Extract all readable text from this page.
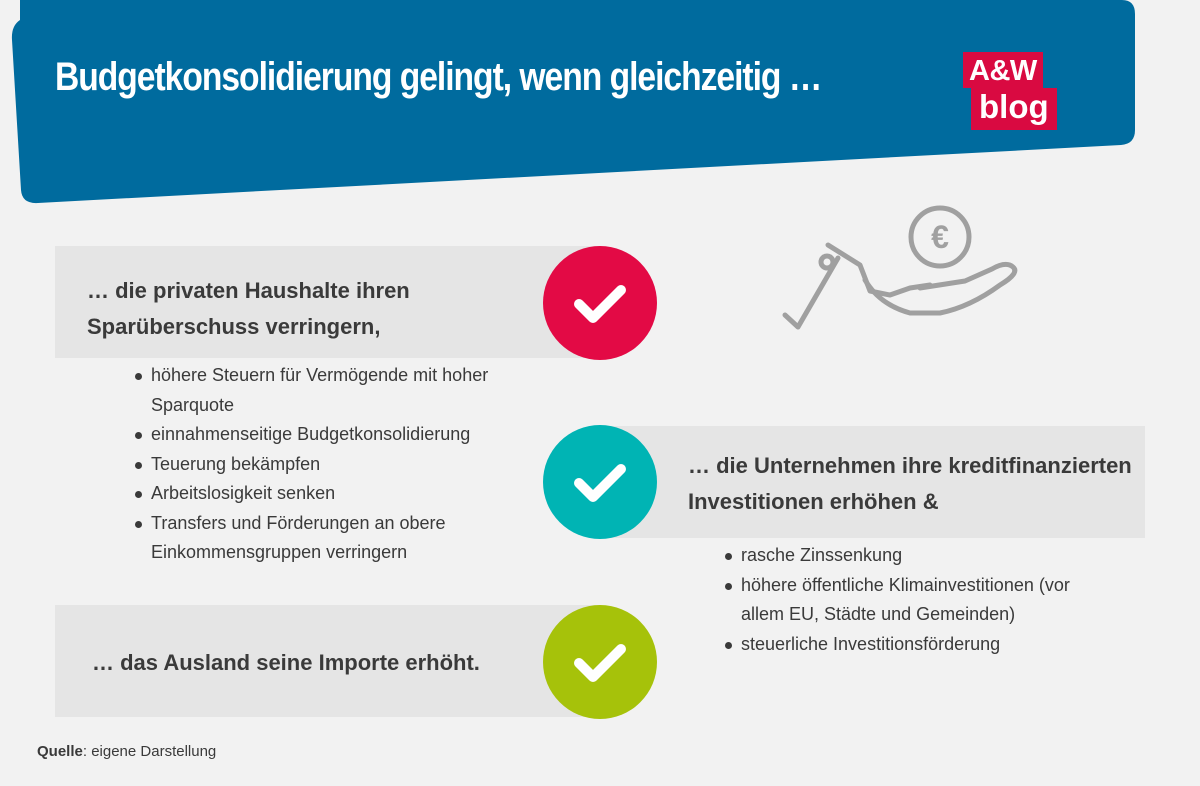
Budgetkonsolidierung gelingt, wenn gleichzeitig …	A&W
blog
€
… die privaten Haushalte ihren
Sparüberschuss verringern,
höhere Steuern für Vermögende mit hoher Sparquote
einnahmenseitige Budgetkonsolidierung
Teuerung bekämpfen
Arbeitslosigkeit senken
Transfers und Förderungen an obere Einkommensgruppen verringern
… die Unternehmen ihre kreditfinanzierten
Investitionen erhöhen &
rasche Zinssenkung
höhere öffentliche Klimainvestitionen (vor allem EU, Städte und Gemeinden)
steuerliche Investitionsförderung
… das Ausland seine Importe erhöht.
Quelle: eigene Darstellung
